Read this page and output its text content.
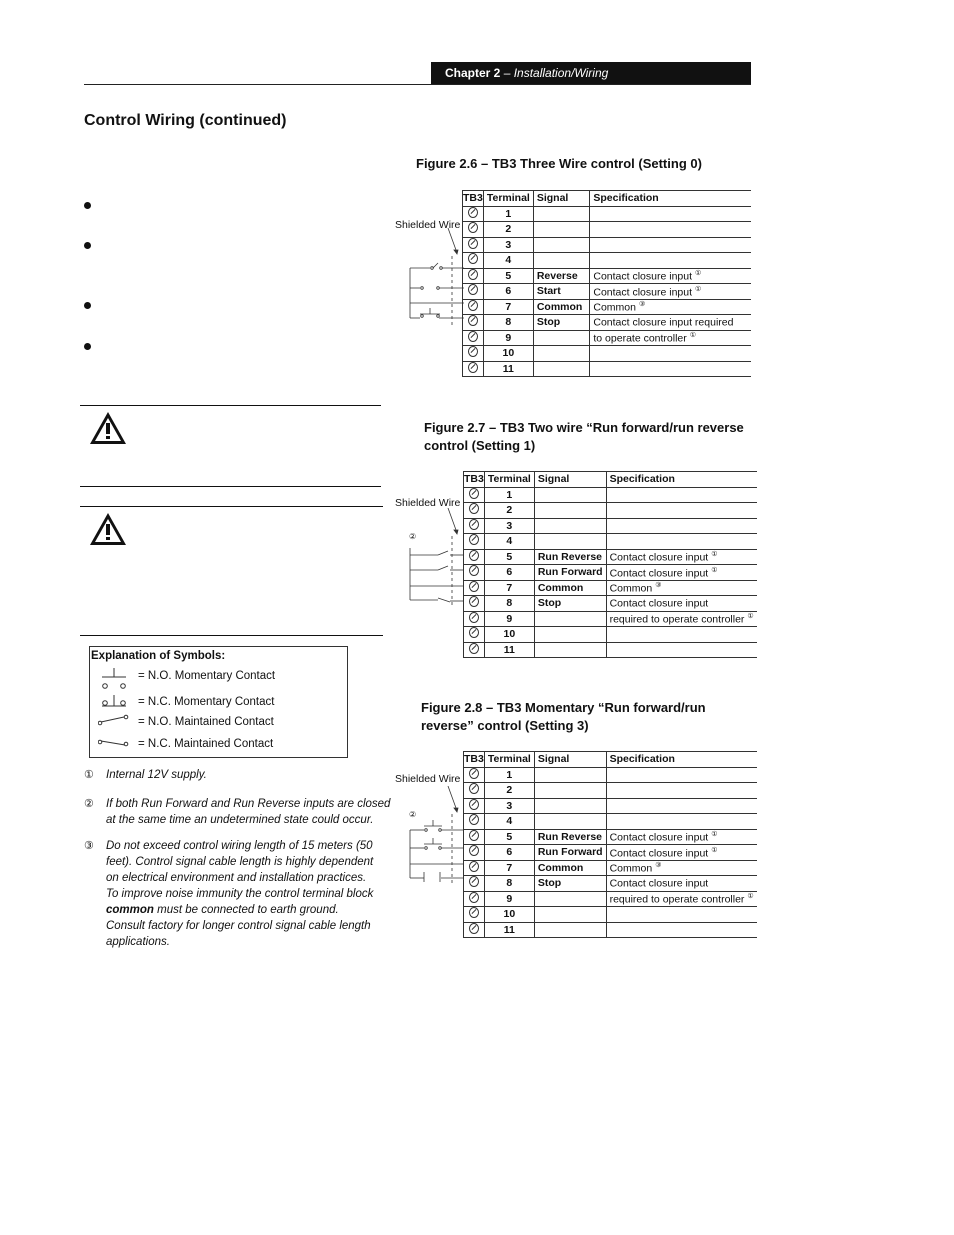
Chapter 2 – Installation/Wiring
Control Wiring (continued)
Explanation of Symbols:
= N.O. Momentary Contact
= N.C. Momentary Contact
= N.O. Maintained Contact
= N.C. Maintained Contact
① Internal 12V supply.
② If both Run Forward and Run Reverse inputs are closed
at the same time an undetermined state could occur.
③ Do not exceed control wiring length of 15 meters (50
feet). Control signal cable length is highly dependent
on electrical environment and installation practices.
To improve noise immunity the control terminal block
common must be connected to earth ground.
Consult factory for longer control signal cable length
applications.
Figure 2.6 – TB3 Three Wire control (Setting 0)
Shielded Wire
TB3	Terminal	Signal	Specification
	1		
	2		
	3		
	4		
	5	Reverse	Contact closure input ①
	6	Start	Contact closure input ①
	7	Common	Common ③
	8	Stop	Contact closure input required
	9		to operate controller ①
	10		
	11		
Figure 2.7 – TB3 Two wire “Run forward/run reverse
control (Setting 1)
Shielded Wire
②
TB3	Terminal	Signal	Specification
	1		
	2		
	3		
	4		
	5	Run Reverse	Contact closure input ①
	6	Run Forward	Contact closure input ①
	7	Common	Common ③
	8	Stop	Contact closure input
	9		required to operate controller ①
	10		
	11		
Figure 2.8 – TB3 Momentary “Run forward/run
reverse” control (Setting 3)
Shielded Wire
②
TB3	Terminal	Signal	Specification
	1		
	2		
	3		
	4		
	5	Run Reverse	Contact closure input ①
	6	Run Forward	Contact closure input ①
	7	Common	Common ③
	8	Stop	Contact closure input
	9		required to operate controller ①
	10		
	11		
